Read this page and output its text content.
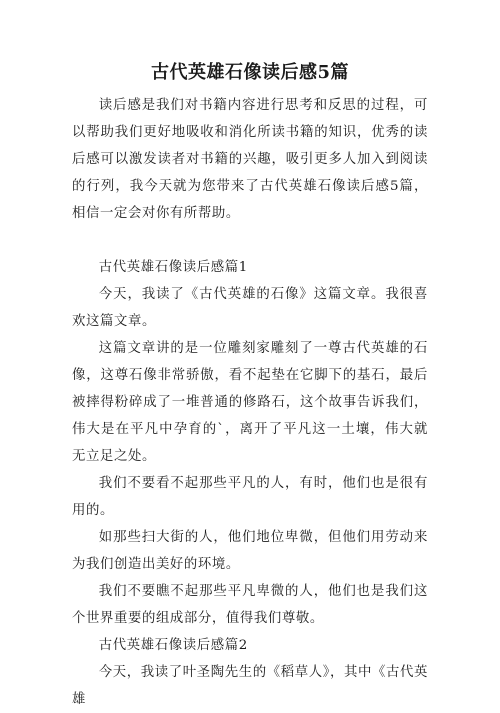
古代英雄石像读后感5篇

读后感是我们对书籍内容进行思考和反思的过程，可以帮助我们更好地吸收和消化所读书籍的知识，优秀的读后感可以激发读者对书籍的兴趣，吸引更多人加入到阅读的行列，我今天就为您带来了古代英雄石像读后感5篇，相信一定会对你有所帮助。

古代英雄石像读后感篇1

今天，我读了《古代英雄的石像》这篇文章。我很喜欢这篇文章。

这篇文章讲的是一位雕刻家雕刻了一尊古代英雄的石像，这尊石像非常骄傲，看不起垫在它脚下的基石，最后被摔得粉碎成了一堆普通的修路石，这个故事告诉我们，伟大是在平凡中孕育的`，离开了平凡这一土壤，伟大就无立足之处。

我们不要看不起那些平凡的人，有时，他们也是很有用的。

如那些扫大街的人，他们地位卑微，但他们用劳动来为我们创造出美好的环境。

我们不要瞧不起那些平凡卑微的人，他们也是我们这个世界重要的组成部分，值得我们尊敬。

古代英雄石像读后感篇2

今天，我读了叶圣陶先生的《稻草人》，其中《古代英雄
